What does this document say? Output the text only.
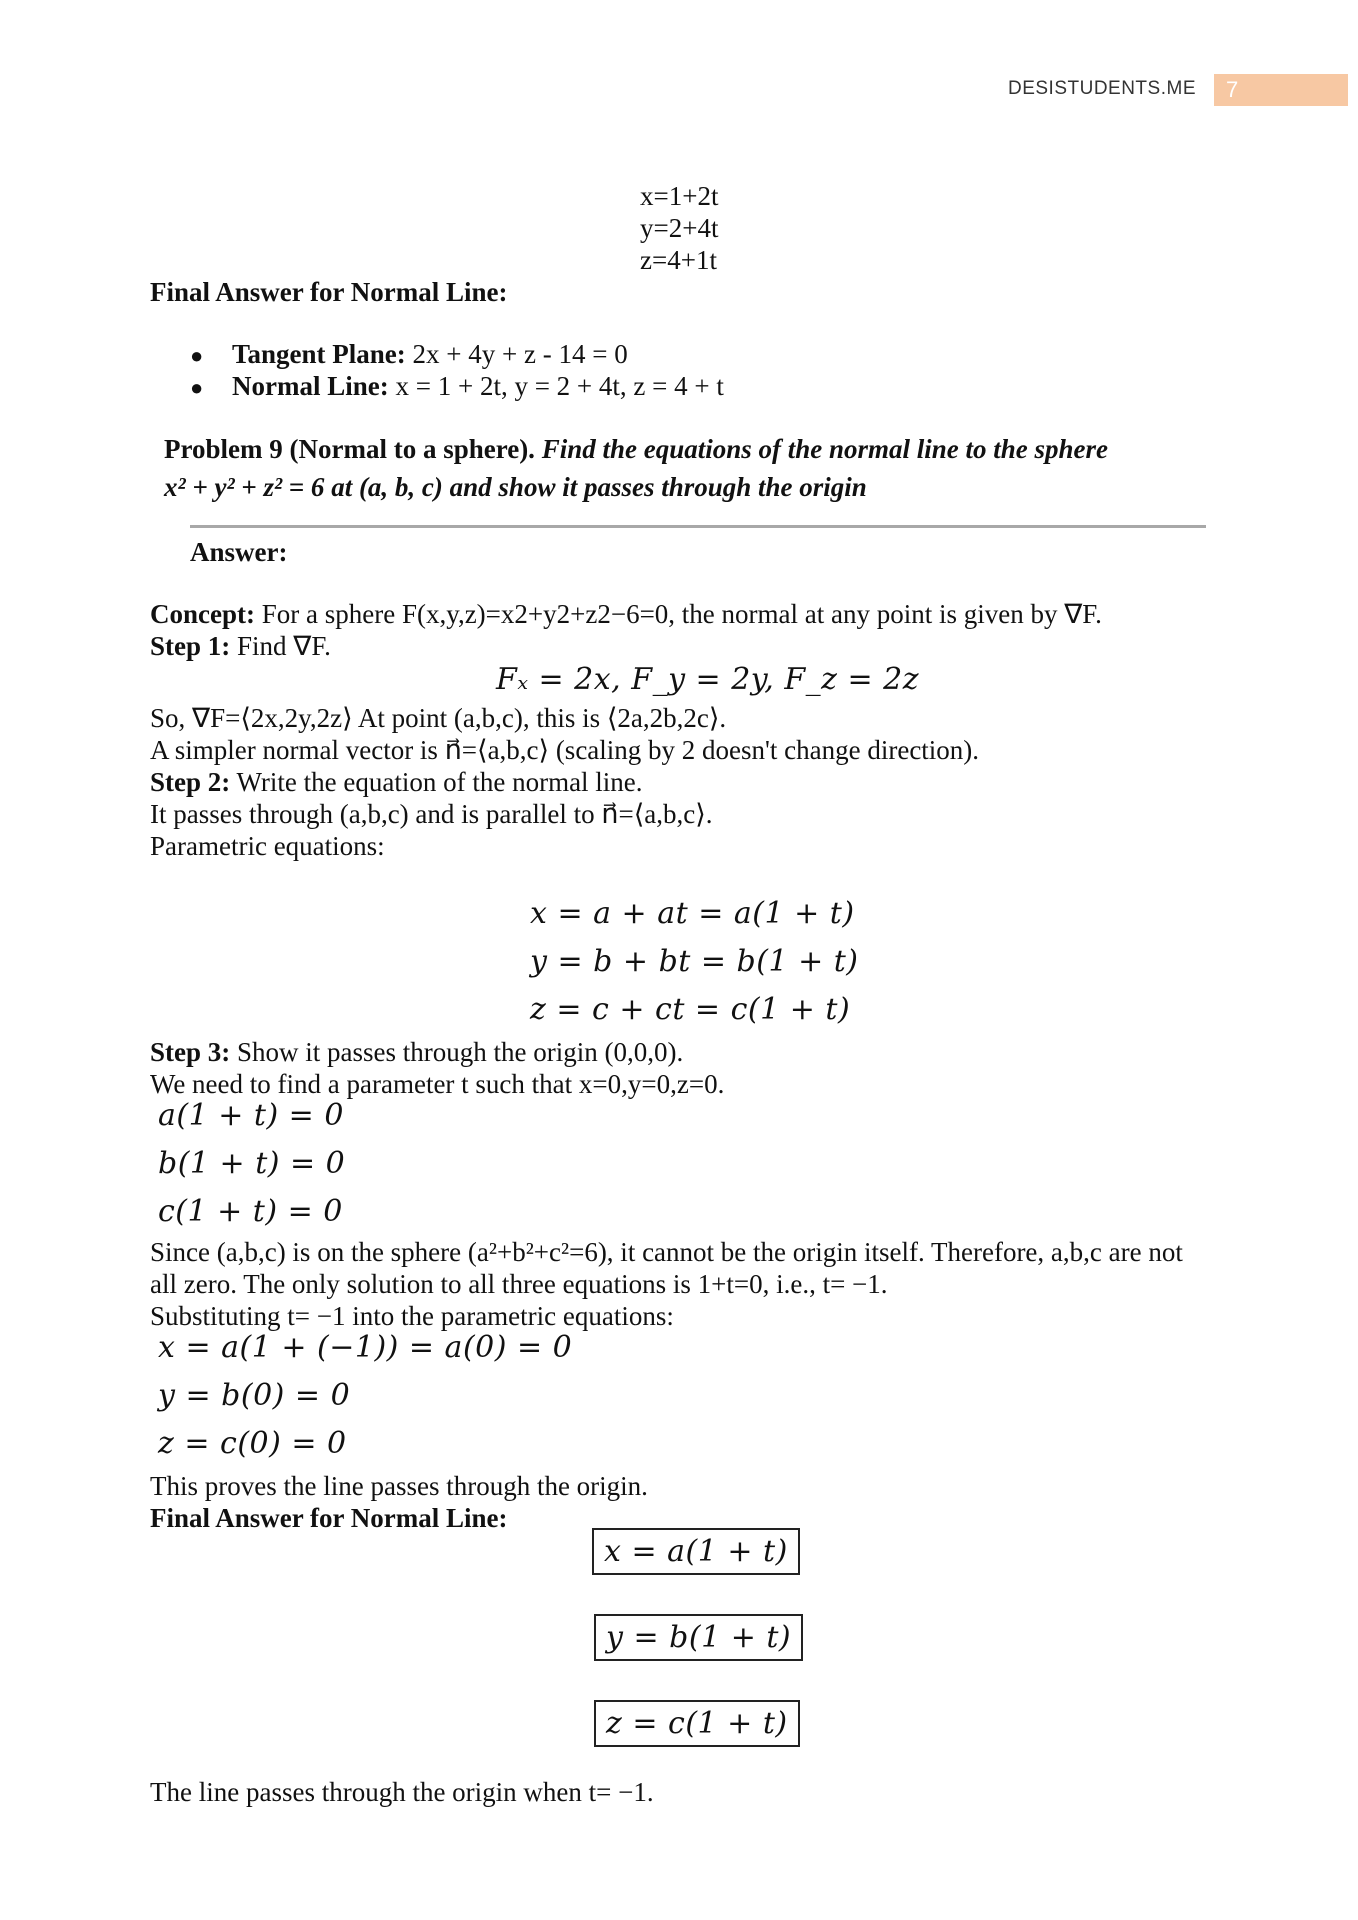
DESISTUDENTS.ME	7
x=1+2t
y=2+4t
z=4+1t
Final Answer for Normal Line:
● Tangent Plane: 2x + 4y + z - 14 = 0
● Normal Line: x = 1 + 2t, y = 2 + 4t, z = 4 + t
Problem 9 (Normal to a sphere). Find the equations of the normal line to the sphere
x² + y² + z² = 6 at (a, b, c) and show it passes through the origin
Answer:
Concept: For a sphere F(x,y,z)=x2+y2+z2−6=0, the normal at any point is given by ∇F.
Step 1: Find ∇F.
Fₓ = 2x, F_y = 2y, F_z = 2z
So, ∇F=⟨2x,2y,2z⟩ At point (a,b,c), this is ⟨2a,2b,2c⟩.
A simpler normal vector is n⃗=⟨a,b,c⟩ (scaling by 2 doesn't change direction).
Step 2: Write the equation of the normal line.
It passes through (a,b,c) and is parallel to n⃗=⟨a,b,c⟩.
Parametric equations:
x = a + at = a(1 + t)
y = b + bt = b(1 + t)
z = c + ct = c(1 + t)
Step 3: Show it passes through the origin (0,0,0).
We need to find a parameter t such that x=0,y=0,z=0.
a(1 + t) = 0
b(1 + t) = 0
c(1 + t) = 0
Since (a,b,c) is on the sphere (a²+b²+c²=6), it cannot be the origin itself. Therefore, a,b,c are not
all zero. The only solution to all three equations is 1+t=0, i.e., t= −1.
Substituting t= −1 into the parametric equations:
x = a(1 + (−1)) = a(0) = 0
y = b(0) = 0
z = c(0) = 0
This proves the line passes through the origin.
Final Answer for Normal Line:
x = a(1 + t)
y = b(1 + t)
z = c(1 + t)
The line passes through the origin when t= −1.
